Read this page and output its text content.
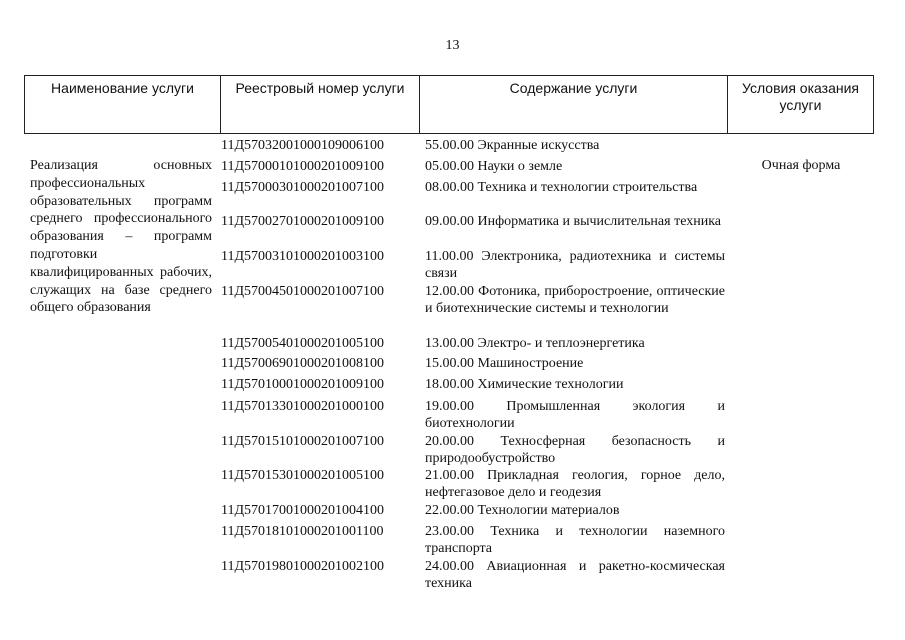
13
Наименование услуги	Реестровый номер услуги	Содержание услуги	Условия оказания услуги
Реализация основных профессиональных образовательных программ среднего профессионального образования – программ подготовки квалифицированных рабочих, служащих на базе среднего общего образования
Очная форма
11Д57032001000109006100	55.00.00 Экранные искусства
11Д57000101000201009100	05.00.00 Науки о земле
11Д57000301000201007100	08.00.00 Техника и технологии строительства
11Д57002701000201009100	09.00.00 Информатика и вычислительная техника
11Д57003101000201003100	11.00.00 Электроника, радиотехника и системы связи
11Д57004501000201007100	12.00.00 Фотоника, приборостроение, оптические и биотехнические системы и технологии
11Д57005401000201005100	13.00.00 Электро- и теплоэнергетика
11Д57006901000201008100	15.00.00 Машиностроение
11Д57010001000201009100	18.00.00 Химические технологии
11Д57013301000201000100	19.00.00 Промышленная экология и биотехнологии
11Д57015101000201007100	20.00.00 Техносферная безопасность и природообустройство
11Д57015301000201005100	21.00.00 Прикладная геология, горное дело, нефтегазовое дело и геодезия
11Д57017001000201004100	22.00.00 Технологии материалов
11Д57018101000201001100	23.00.00 Техника и технологии наземного транспорта
11Д57019801000201002100	24.00.00 Авиационная и ракетно-космическая техника
